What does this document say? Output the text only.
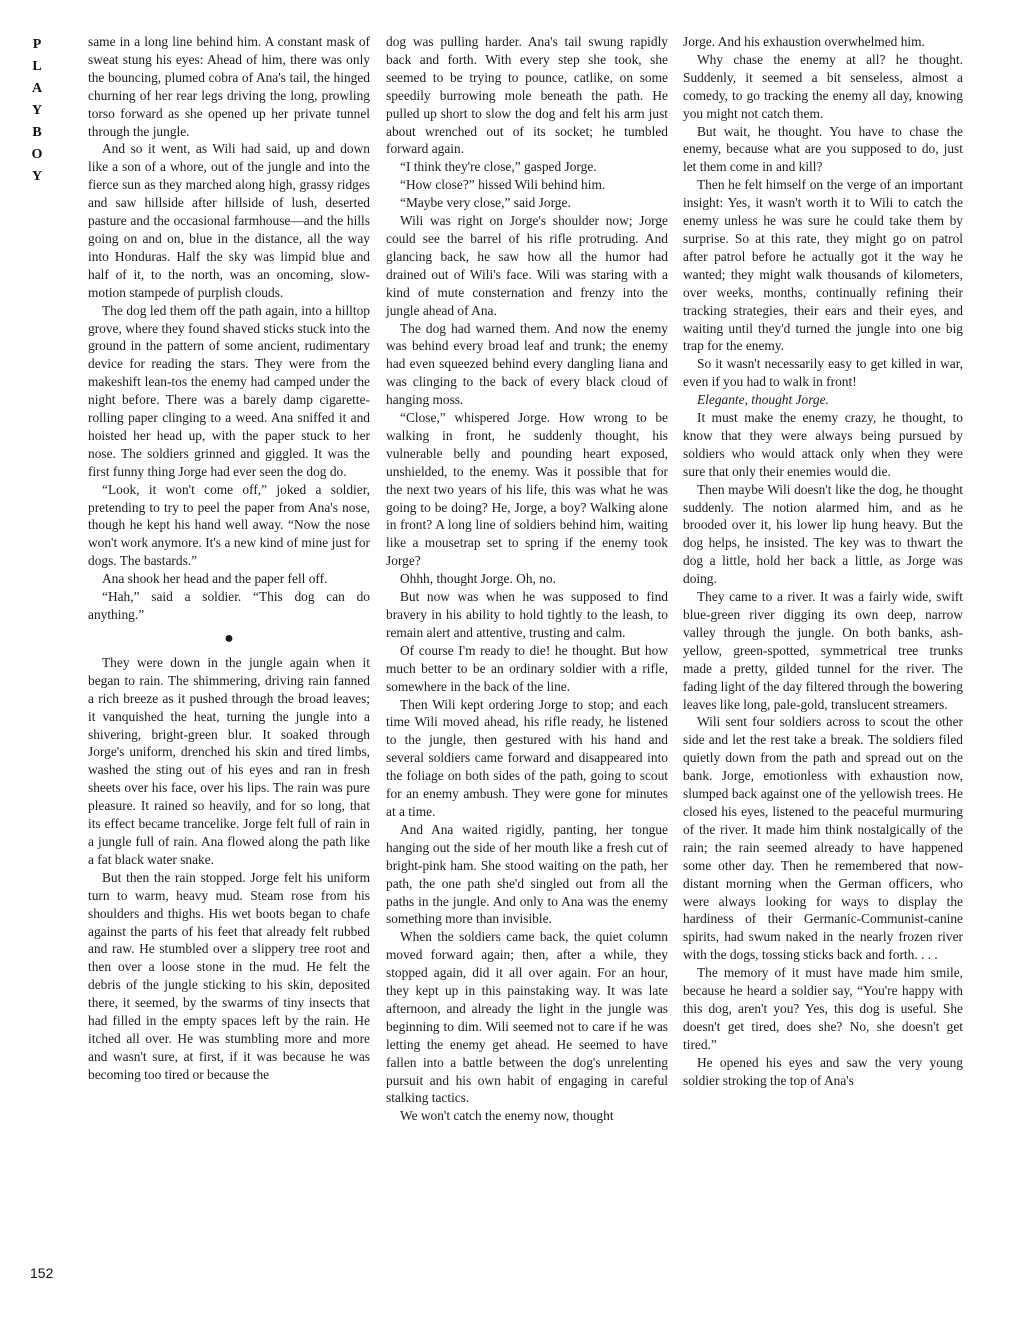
P
L
A
Y
B
O
Y

same in a long line behind him. A constant mask of sweat stung his eyes: Ahead of him, there was only the bouncing, plumed cobra of Ana's tail, the hinged churning of her rear legs driving the long, prowling torso forward as she opened up her private tunnel through the jungle.

And so it went, as Wili had said, up and down like a son of a whore, out of the jungle and into the fierce sun as they marched along high, grassy ridges and saw hillside after hillside of lush, deserted pasture and the occasional farmhouse—and the hills going on and on, blue in the distance, all the way into Honduras. Half the sky was limpid blue and half of it, to the north, was an oncoming, slow-motion stampede of purplish clouds.

The dog led them off the path again, into a hilltop grove, where they found shaved sticks stuck into the ground in the pattern of some ancient, rudimentary device for reading the stars. They were from the makeshift lean-tos the enemy had camped under the night before. There was a barely damp cigarette-rolling paper clinging to a weed. Ana sniffed it and hoisted her head up, with the paper stuck to her nose. The soldiers grinned and giggled. It was the first funny thing Jorge had ever seen the dog do.

“Look, it won't come off,” joked a soldier, pretending to try to peel the paper from Ana's nose, though he kept his hand well away. “Now the nose won't work anymore. It's a new kind of mine just for dogs. The bastards.”

Ana shook her head and the paper fell off.

“Hah,” said a soldier. “This dog can do anything.”

●

They were down in the jungle again when it began to rain. The shimmering, driving rain fanned a rich breeze as it pushed through the broad leaves; it vanquished the heat, turning the jungle into a shivering, bright-green blur. It soaked through Jorge's uniform, drenched his skin and tired limbs, washed the sting out of his eyes and ran in fresh sheets over his face, over his lips. The rain was pure pleasure. It rained so heavily, and for so long, that its effect became trancelike. Jorge felt full of rain in a jungle full of rain. Ana flowed along the path like a fat black water snake.

But then the rain stopped. Jorge felt his uniform turn to warm, heavy mud. Steam rose from his shoulders and thighs. His wet boots began to chafe against the parts of his feet that already felt rubbed and raw. He stumbled over a slippery tree root and then over a loose stone in the mud. He felt the debris of the jungle sticking to his skin, deposited there, it seemed, by the swarms of tiny insects that had filled in the empty spaces left by the rain. He itched all over. He was stumbling more and more and wasn't sure, at first, if it was because he was becoming too tired or because the

dog was pulling harder. Ana's tail swung rapidly back and forth. With every step she took, she seemed to be trying to pounce, catlike, on some speedily burrowing mole beneath the path. He pulled up short to slow the dog and felt his arm just about wrenched out of its socket; he tumbled forward again.

“I think they're close,” gasped Jorge.

“How close?” hissed Wili behind him.

“Maybe very close,” said Jorge.

Wili was right on Jorge's shoulder now; Jorge could see the barrel of his rifle protruding. And glancing back, he saw how all the humor had drained out of Wili's face. Wili was staring with a kind of mute consternation and frenzy into the jungle ahead of Ana.

The dog had warned them. And now the enemy was behind every broad leaf and trunk; the enemy had even squeezed behind every dangling liana and was clinging to the back of every black cloud of hanging moss.

“Close,” whispered Jorge. How wrong to be walking in front, he suddenly thought, his vulnerable belly and pounding heart exposed, unshielded, to the enemy. Was it possible that for the next two years of his life, this was what he was going to be doing? He, Jorge, a boy? Walking alone in front? A long line of soldiers behind him, waiting like a mousetrap set to spring if the enemy took Jorge?

Ohhh, thought Jorge. Oh, no.

But now was when he was supposed to find bravery in his ability to hold tightly to the leash, to remain alert and attentive, trusting and calm.

Of course I'm ready to die! he thought. But how much better to be an ordinary soldier with a rifle, somewhere in the back of the line.

Then Wili kept ordering Jorge to stop; and each time Wili moved ahead, his rifle ready, he listened to the jungle, then gestured with his hand and several soldiers came forward and disappeared into the foliage on both sides of the path, going to scout for an enemy ambush. They were gone for minutes at a time.

And Ana waited rigidly, panting, her tongue hanging out the side of her mouth like a fresh cut of bright-pink ham. She stood waiting on the path, her path, the one path she'd singled out from all the paths in the jungle. And only to Ana was the enemy something more than invisible.

When the soldiers came back, the quiet column moved forward again; then, after a while, they stopped again, did it all over again. For an hour, they kept up in this painstaking way. It was late afternoon, and already the light in the jungle was beginning to dim. Wili seemed not to care if he was letting the enemy get ahead. He seemed to have fallen into a battle between the dog's unrelenting pursuit and his own habit of engaging in careful stalking tactics.

We won't catch the enemy now, thought

Jorge. And his exhaustion overwhelmed him.

Why chase the enemy at all? he thought. Suddenly, it seemed a bit senseless, almost a comedy, to go tracking the enemy all day, knowing you might not catch them.

But wait, he thought. You have to chase the enemy, because what are you supposed to do, just let them come in and kill?

Then he felt himself on the verge of an important insight: Yes, it wasn't worth it to Wili to catch the enemy unless he was sure he could take them by surprise. So at this rate, they might go on patrol after patrol before he actually got it the way he wanted; they might walk thousands of kilometers, over weeks, months, continually refining their tracking strategies, their ears and their eyes, and waiting until they'd turned the jungle into one big trap for the enemy.

So it wasn't necessarily easy to get killed in war, even if you had to walk in front!

Elegante, thought Jorge.

It must make the enemy crazy, he thought, to know that they were always being pursued by soldiers who would attack only when they were sure that only their enemies would die.

Then maybe Wili doesn't like the dog, he thought suddenly. The notion alarmed him, and as he brooded over it, his lower lip hung heavy. But the dog helps, he insisted. The key was to thwart the dog a little, hold her back a little, as Jorge was doing.

They came to a river. It was a fairly wide, swift blue-green river digging its own deep, narrow valley through the jungle. On both banks, ash-yellow, green-spotted, symmetrical tree trunks made a pretty, gilded tunnel for the river. The fading light of the day filtered through the bowering leaves like long, pale-gold, translucent streamers.

Wili sent four soldiers across to scout the other side and let the rest take a break. The soldiers filed quietly down from the path and spread out on the bank. Jorge, emotionless with exhaustion now, slumped back against one of the yellowish trees. He closed his eyes, listened to the peaceful murmuring of the river. It made him think nostalgically of the rain; the rain seemed already to have happened some other day. Then he remembered that now-distant morning when the German officers, who were always looking for ways to display the hardiness of their Germanic-Communist-canine spirits, had swum naked in the nearly frozen river with the dogs, tossing sticks back and forth. . . .

The memory of it must have made him smile, because he heard a soldier say, “You're happy with this dog, aren't you? Yes, this dog is useful. She doesn't get tired, does she? No, she doesn't get tired.”

He opened his eyes and saw the very young soldier stroking the top of Ana's

152
